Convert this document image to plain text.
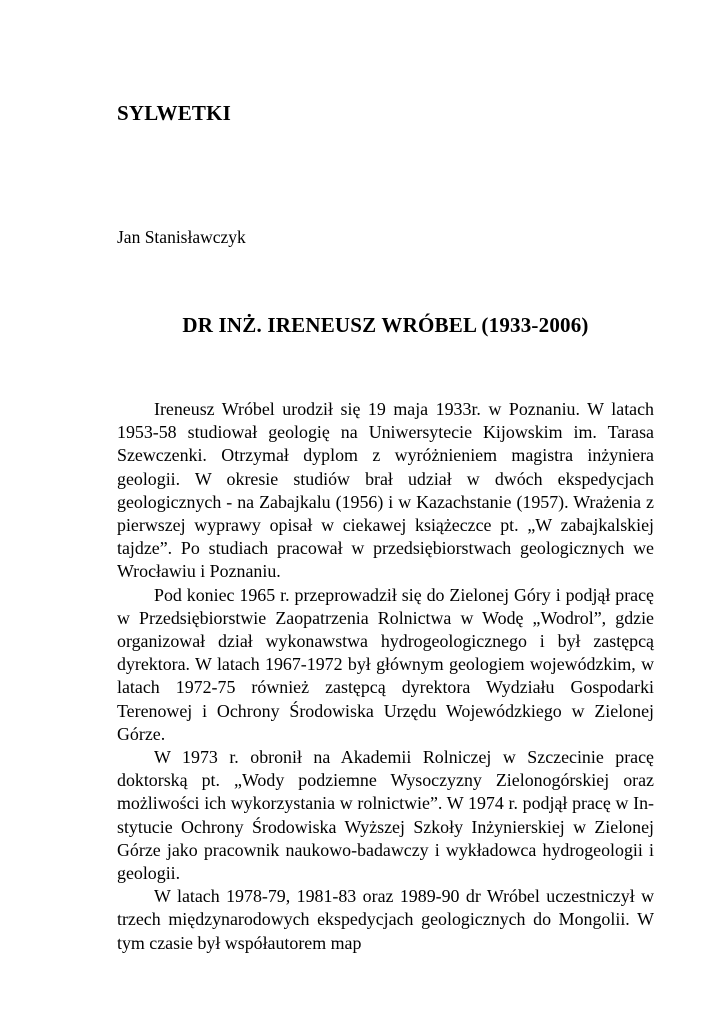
SYLWETKI

Jan Stanisławczyk

DR INŻ. IRENEUSZ WRÓBEL (1933-2006)

Ireneusz Wróbel urodził się 19 maja 1933r. w Poznaniu. W latach 1953-58 studiował geologię na Uniwersytecie Kijowskim im. Tarasa Szewczenki. Otrzymał dyplom z wyróżnieniem magistra inżyniera geologii. W okresie studiów brał udział w dwóch ekspedycjach geologicznych - na Zabajkalu (1956) i w Kazachstanie (1957). Wrażenia z pierwszej wyprawy opisał w ciekawej książeczce pt. „W zabajkalskiej tajdze”. Po studiach pracował w przedsiębiorstwach geologicznych we Wrocławiu i Poznaniu.

Pod koniec 1965 r. przeprowadził się do Zielonej Góry i podjął pracę w Przedsiębiorstwie Zaopatrzenia Rolnictwa w Wodę „Wodrol”, gdzie organizował dział wykonawstwa hydrogeologicznego i był zastępcą dyrektora. W latach 1967-1972 był głównym geologiem wojewódzkim, w latach 1972-75 również zastępcą dyrektora Wydziału Gospodarki Terenowej i Ochrony Środowiska Urzędu Wojewódzkiego w Zielonej Górze.

W 1973 r. obronił na Akademii Rolniczej w Szczecinie pracę doktorską pt. „Wody podziemne Wysoczyzny Zielonogórskiej oraz możliwości ich wykorzystania w rolnictwie”. W 1974 r. podjął pracę w In-stytucie Ochrony Środowiska Wyższej Szkoły Inżynierskiej w Zielonej Górze jako pracownik naukowo-badawczy i wykładowca hydrogeologii i geologii.

W latach 1978-79, 1981-83 oraz 1989-90 dr Wróbel uczestniczył w trzech międzynarodowych ekspedycjach geologicznych do Mongolii. W tym czasie był współautorem map
